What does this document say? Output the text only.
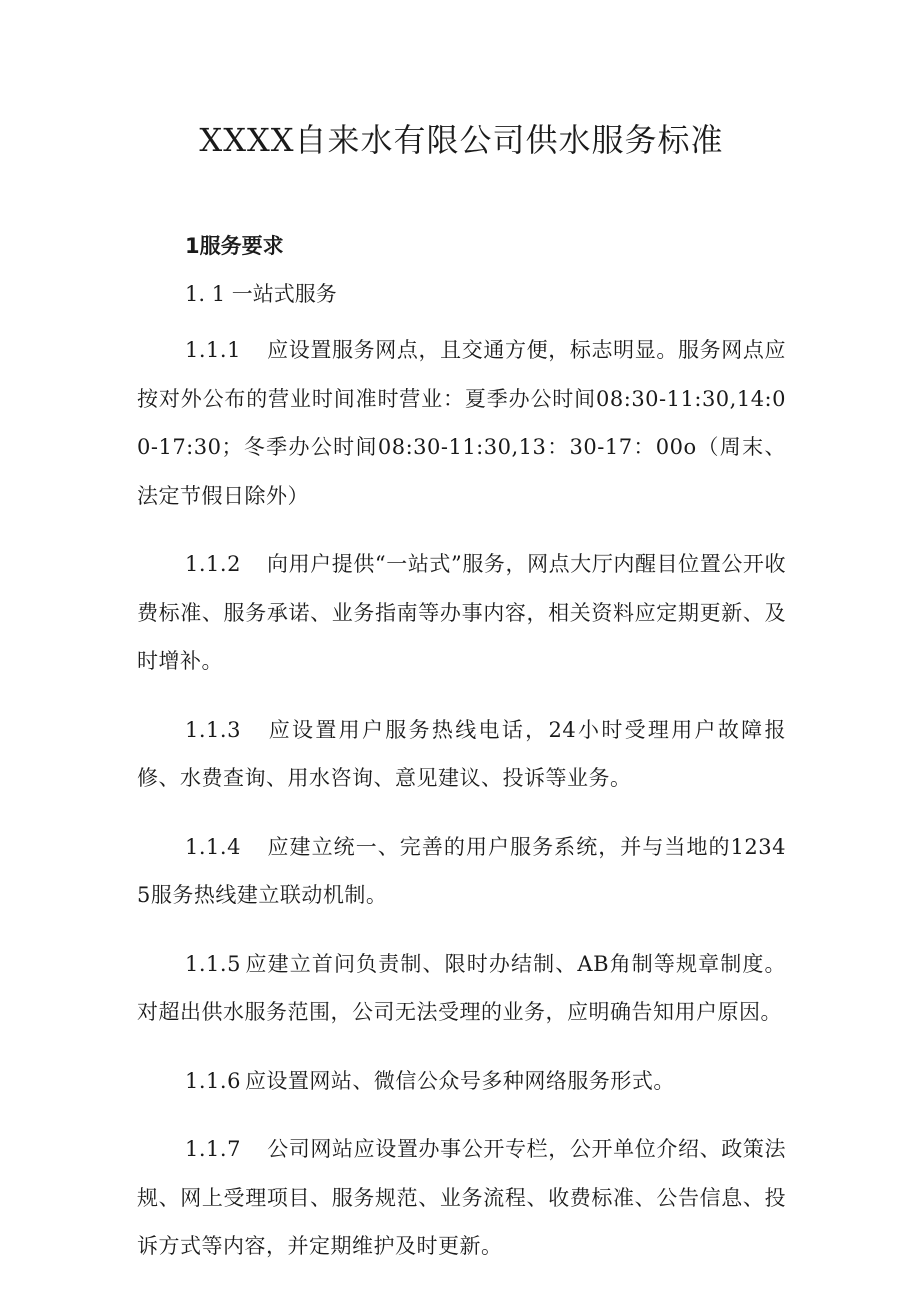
XXXX自来水有限公司供水服务标准
1服务要求
1. 1 一站式服务

1.1.1 应设置服务网点，且交通方便，标志明显。服务网点应按对外公布的营业时间准时营业：夏季办公时间08:30-11:30,14:00-17:30；冬季办公时间08:30-11:30,13：30-17：00o（周末、法定节假日除外）

1.1.2 向用户提供“一站式”服务，网点大厅内醒目位置公开收费标准、服务承诺、业务指南等办事内容，相关资料应定期更新、及时增补。

1.1.3 应设置用户服务热线电话，24小时受理用户故障报修、水费查询、用水咨询、意见建议、投诉等业务。

1.1.4 应建立统一、完善的用户服务系统，并与当地的12345服务热线建立联动机制。

1.1.5 应建立首问负责制、限时办结制、AB角制等规章制度。对超出供水服务范围，公司无法受理的业务，应明确告知用户原因。

1.1.6 应设置网站、微信公众号多种网络服务形式。

1.1.7 公司网站应设置办事公开专栏，公开单位介绍、政策法规、网上受理项目、服务规范、业务流程、收费标准、公告信息、投诉方式等内容，并定期维护及时更新。
